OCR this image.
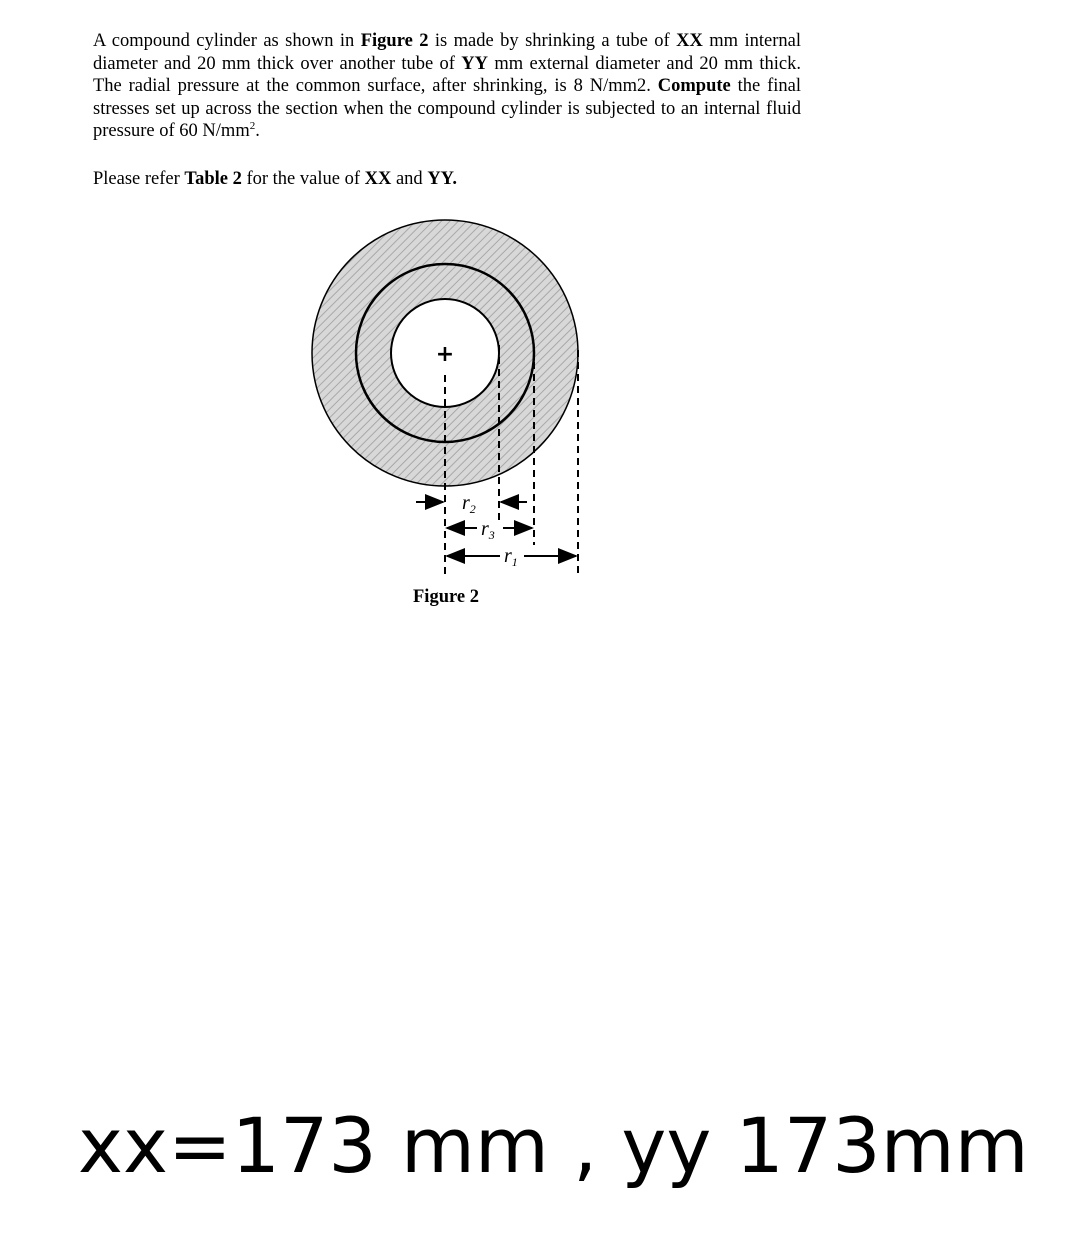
A compound cylinder as shown in Figure 2 is made by shrinking a tube of XX mm internal diameter and 20 mm thick over another tube of YY mm external diameter and 20 mm thick. The radial pressure at the common surface, after shrinking, is 8 N/mm2. Compute the final stresses set up across the section when the compound cylinder is subjected to an internal fluid pressure of 60 $N/mm^2$.

Please refer Table 2 for the value of XX and YY.

+
$r_2$
$r_3$
$r_1$
Figure 2
xx=173 mm , yy 173mm
